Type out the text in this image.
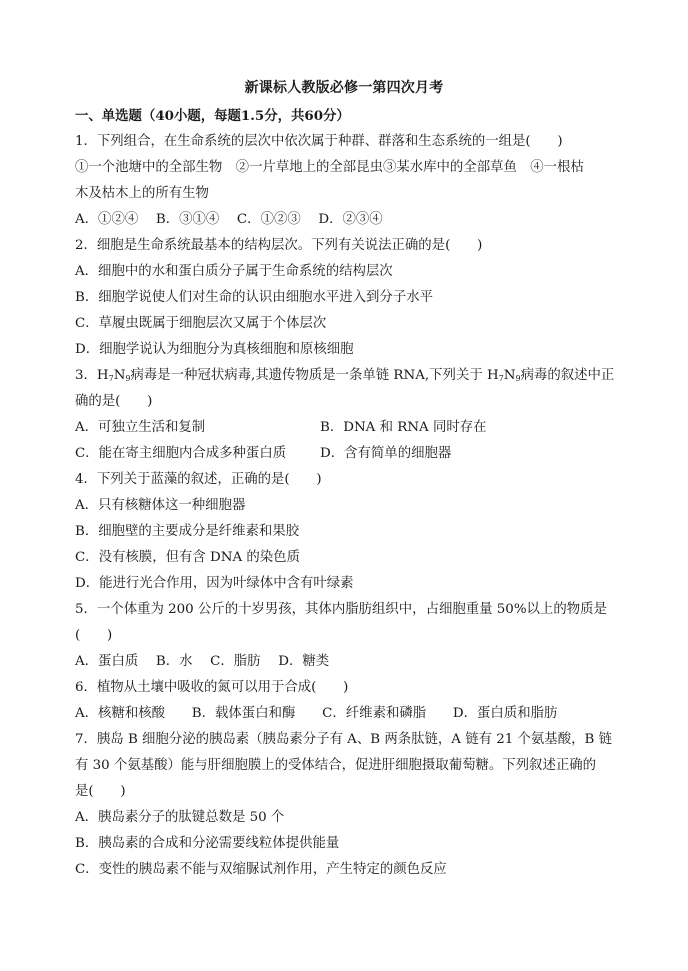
新课标人教版必修一第四次月考
一、单选题（40小题，每题1.5分，共60分）
1．下列组合，在生命系统的层次中依次属于种群、群落和生态系统的一组是(　　)
①一个池塘中的全部生物　②一片草地上的全部昆虫③某水库中的全部草鱼　④一根枯
木及枯木上的所有生物
A．①②④　 B．③①④　 C．①②③　 D．②③④
2．细胞是生命系统最基本的结构层次。下列有关说法正确的是(　　)
A．细胞中的水和蛋白质分子属于生命系统的结构层次
B．细胞学说使人们对生命的认识由细胞水平进入到分子水平
C．草履虫既属于细胞层次又属于个体层次
D．细胞学说认为细胞分为真核细胞和原核细胞
3．$H_7N_9$病毒是一种冠状病毒,其遗传物质是一条单链 RNA,下列关于 $H_7N_9$病毒的叙述中正
确的是(　　)
A．可独立生活和复制	B．DNA 和 RNA 同时存在
C．能在寄主细胞内合成多种蛋白质	D．含有简单的细胞器
4．下列关于蓝藻的叙述，正确的是(　　)
A．只有核糖体这一种细胞器
B．细胞壁的主要成分是纤维素和果胶
C．没有核膜，但有含 DNA 的染色质
D．能进行光合作用，因为叶绿体中含有叶绿素
5．一个体重为 200 公斤的十岁男孩，其体内脂肪组织中，占细胞重量 50%以上的物质是
(　　)
A．蛋白质　 B．水　 C．脂肪　 D．糖类
6．植物从土壤中吸收的氮可以用于合成(　　)
A．核糖和核酸　　B．载体蛋白和酶　　C．纤维素和磷脂　　D．蛋白质和脂肪
7．胰岛 B 细胞分泌的胰岛素（胰岛素分子有 A、B 两条肽链，A 链有 21 个氨基酸，B 链
有 30 个氨基酸）能与肝细胞膜上的受体结合，促进肝细胞摄取葡萄糖。下列叙述正确的
是(　　)
A．胰岛素分子的肽键总数是 50 个
B．胰岛素的合成和分泌需要线粒体提供能量
C．变性的胰岛素不能与双缩脲试剂作用，产生特定的颜色反应
